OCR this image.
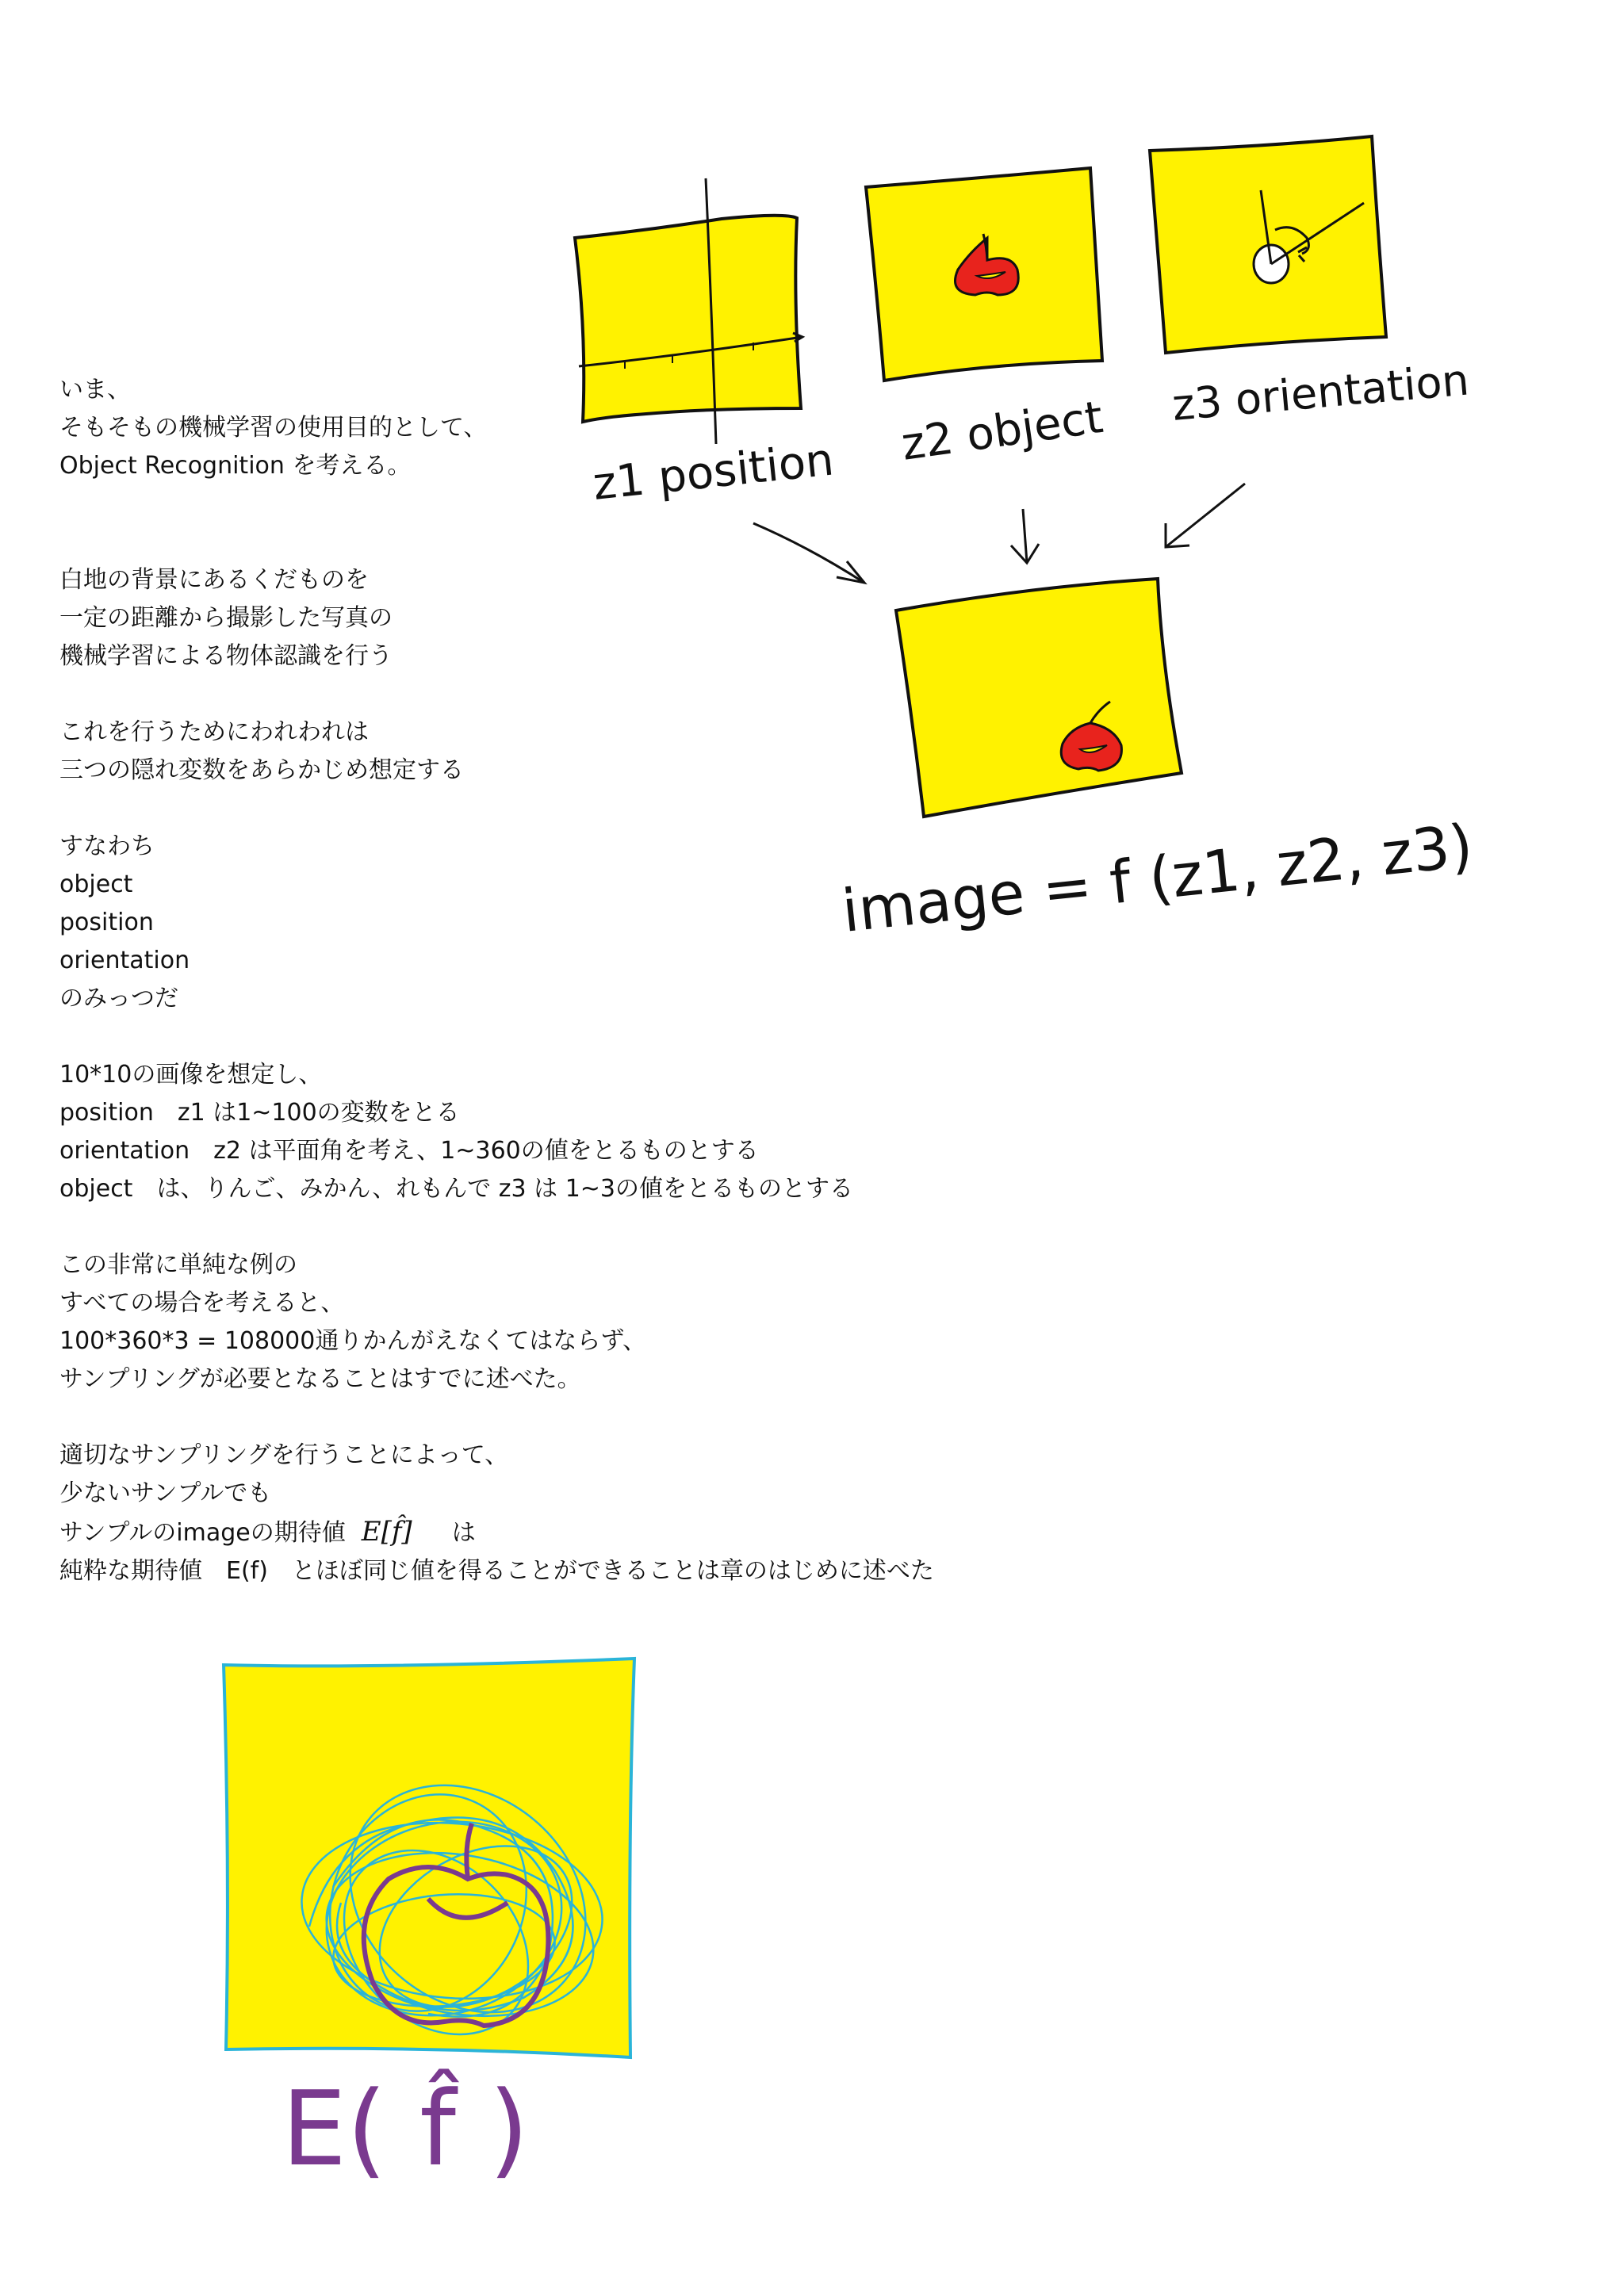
いま、
そもそもの機械学習の使用目的として、
Object Recognition を考える。
白地の背景にあるくだものを
一定の距離から撮影した写真の
機械学習による物体認識を行う
これを行うためにわれわれは
三つの隠れ変数をあらかじめ想定する
すなわち
object
position
orientation
のみっつだ
10*10の画像を想定し、
position　z1 は1~100の変数をとる
orientation　z2 は平面角を考え、1~360の値をとるものとする
object　は、りんご、みかん、れもんで z3 は 1~3の値をとるものとする
この非常に単純な例の
すべての場合を考えると、
100*360*3 = 108000通りかんがえなくてはならず、
サンプリングが必要となることはすでに述べた。
適切なサンプリングを行うことによって、
少ないサンプルでも
サンプルのimageの期待値 E[f̂] は
純粋な期待値　E(f)　とほぼ同じ値を得ることができることは章のはじめに述べた
z1 position
z2 object z3 orientation
image = f (z1, z2, z3)
E( f̂ )
